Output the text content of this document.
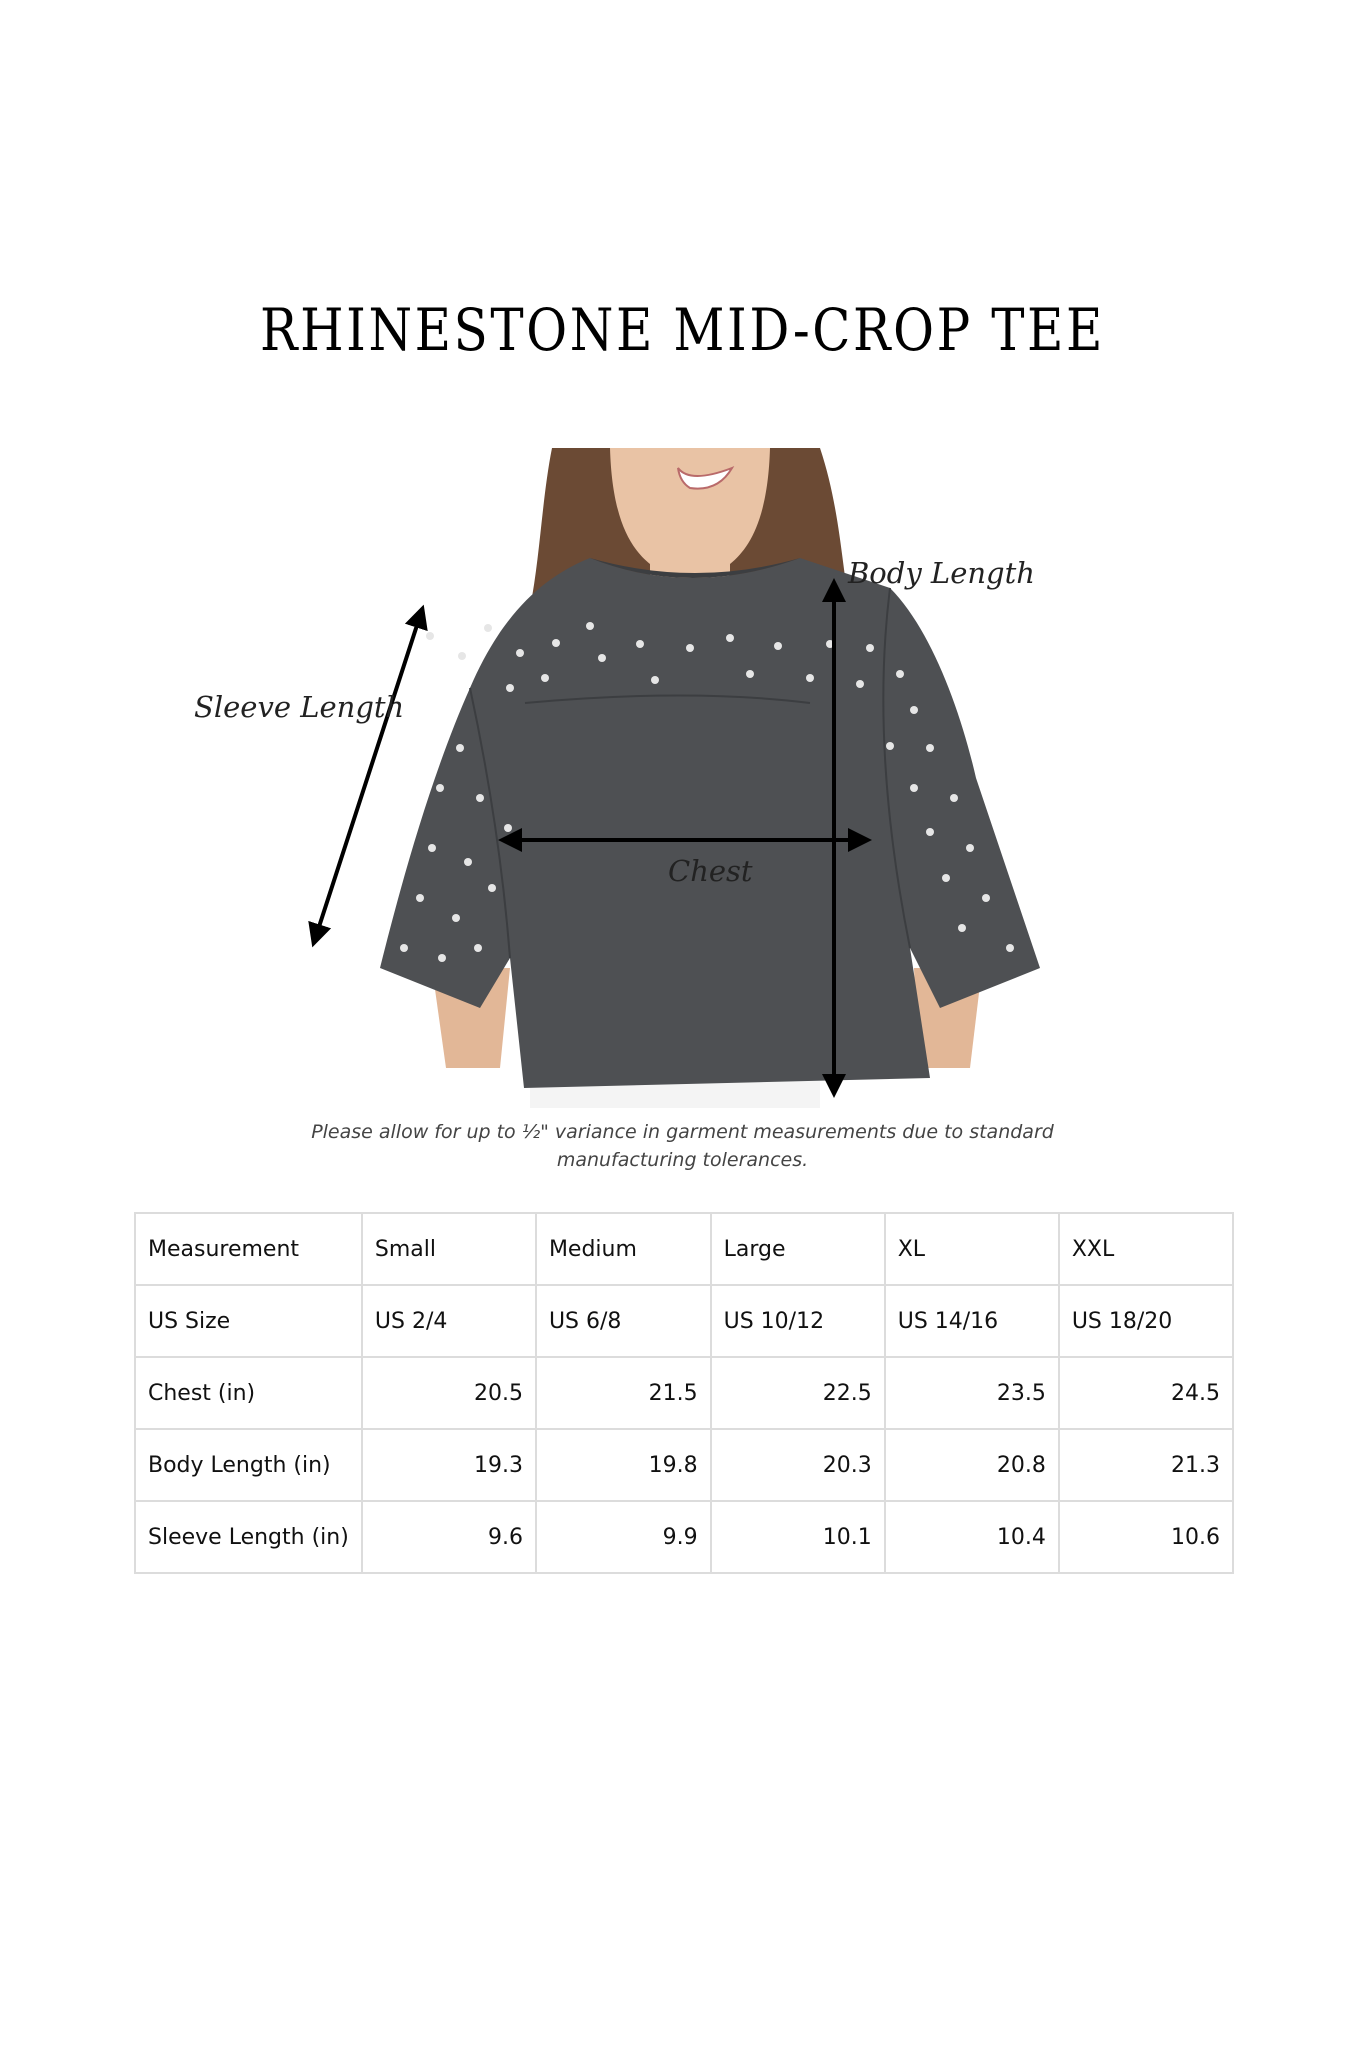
RHINESTONE MID-CROP TEE
Sleeve Length
Body Length
Chest
Please allow for up to ½" variance in garment measurements due to standard
manufacturing tolerances.
Measurement	Small	Medium	Large	XL	XXL
US Size	US 2/4	US 6/8	US 10/12	US 14/16	US 18/20
Chest (in)	20.5	21.5	22.5	23.5	24.5
Body Length (in)	19.3	19.8	20.3	20.8	21.3
Sleeve Length (in)	9.6	9.9	10.1	10.4	10.6
